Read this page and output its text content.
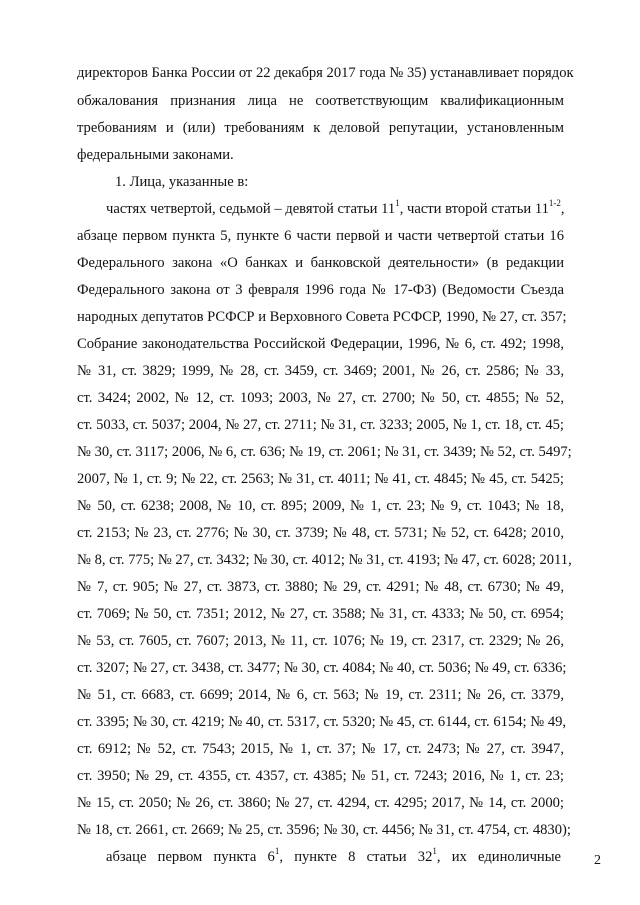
директоров Банка России от 22 декабря 2017 года № 35) устанавливает порядок
обжалования признания лица не соответствующим квалификационным
требованиям и (или) требованиям к деловой репутации, установленным
федеральными законами.
1. Лица, указанные в:
частях четвертой, седьмой – девятой статьи $11^1$, части второй статьи 11$^{1-2}$,
абзаце первом пункта 5, пункте 6 части первой и части четвертой статьи 16
Федерального закона «О банках и банковской деятельности» (в редакции
Федерального закона от 3 февраля 1996 года № 17-ФЗ) (Ведомости Съезда
народных депутатов РСФСР и Верховного Совета РСФСР, 1990, № 27, ст. 357;
Собрание законодательства Российской Федерации, 1996, № 6, ст. 492; 1998,
№ 31, ст. 3829; 1999, № 28, ст. 3459, ст. 3469; 2001, № 26, ст. 2586; № 33,
ст. 3424; 2002, № 12, ст. 1093; 2003, № 27, ст. 2700; № 50, ст. 4855; № 52,
ст. 5033, ст. 5037; 2004, № 27, ст. 2711; № 31, ст. 3233; 2005, № 1, ст. 18, ст. 45;
№ 30, ст. 3117; 2006, № 6, ст. 636; № 19, ст. 2061; № 31, ст. 3439; № 52, ст. 5497;
2007, № 1, ст. 9; № 22, ст. 2563; № 31, ст. 4011; № 41, ст. 4845; № 45, ст. 5425;
№ 50, ст. 6238; 2008, № 10, ст. 895; 2009, № 1, ст. 23; № 9, ст. 1043; № 18,
ст. 2153; № 23, ст. 2776; № 30, ст. 3739; № 48, ст. 5731; № 52, ст. 6428; 2010,
№ 8, ст. 775; № 27, ст. 3432; № 30, ст. 4012; № 31, ст. 4193; № 47, ст. 6028; 2011,
№ 7, ст. 905; № 27, ст. 3873, ст. 3880; № 29, ст. 4291; № 48, ст. 6730; № 49,
ст. 7069; № 50, ст. 7351; 2012, № 27, ст. 3588; № 31, ст. 4333; № 50, ст. 6954;
№ 53, ст. 7605, ст. 7607; 2013, № 11, ст. 1076; № 19, ст. 2317, ст. 2329; № 26,
ст. 3207; № 27, ст. 3438, ст. 3477; № 30, ст. 4084; № 40, ст. 5036; № 49, ст. 6336;
№ 51, ст. 6683, ст. 6699; 2014, № 6, ст. 563; № 19, ст. 2311; № 26, ст. 3379,
ст. 3395; № 30, ст. 4219; № 40, ст. 5317, ст. 5320; № 45, ст. 6144, ст. 6154; № 49,
ст. 6912; № 52, ст. 7543; 2015, № 1, ст. 37; № 17, ст. 2473; № 27, ст. 3947,
ст. 3950; № 29, ст. 4355, ст. 4357, ст. 4385; № 51, ст. 7243; 2016, № 1, ст. 23;
№ 15, ст. 2050; № 26, ст. 3860; № 27, ст. 4294, ст. 4295; 2017, № 14, ст. 2000;
№ 18, ст. 2661, ст. 2669; № 25, ст. 3596; № 30, ст. 4456; № 31, ст. 4754, ст. 4830);
абзаце первом пункта $6^1$, пункте 8 статьи $32^1$, их единоличные 2
